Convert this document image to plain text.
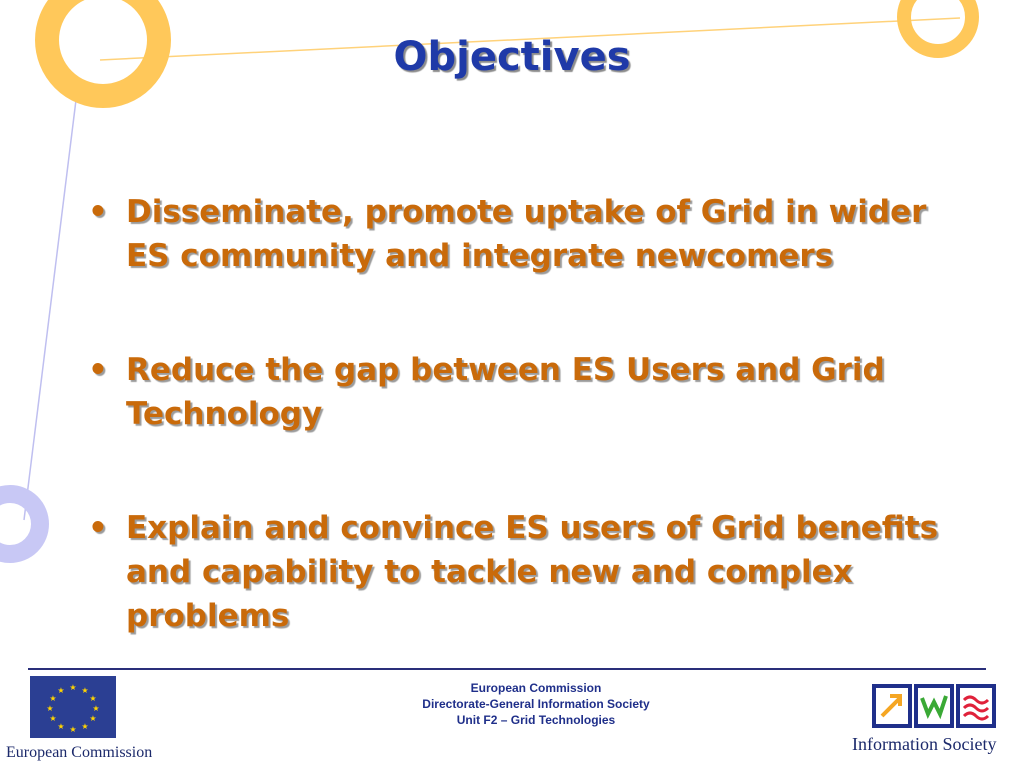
Objectives
• Disseminate, promote uptake of Grid in wider ES community and integrate newcomers
• Reduce the gap between ES Users and Grid Technology
• Explain and convince ES users of Grid benefits and capability to tackle new and complex problems
★ ★
★
★
★
★
★
★
★
★
★
★
European Commission
European Commission
Directorate-General Information Society
Unit F2 – Grid Technologies
Information Society
